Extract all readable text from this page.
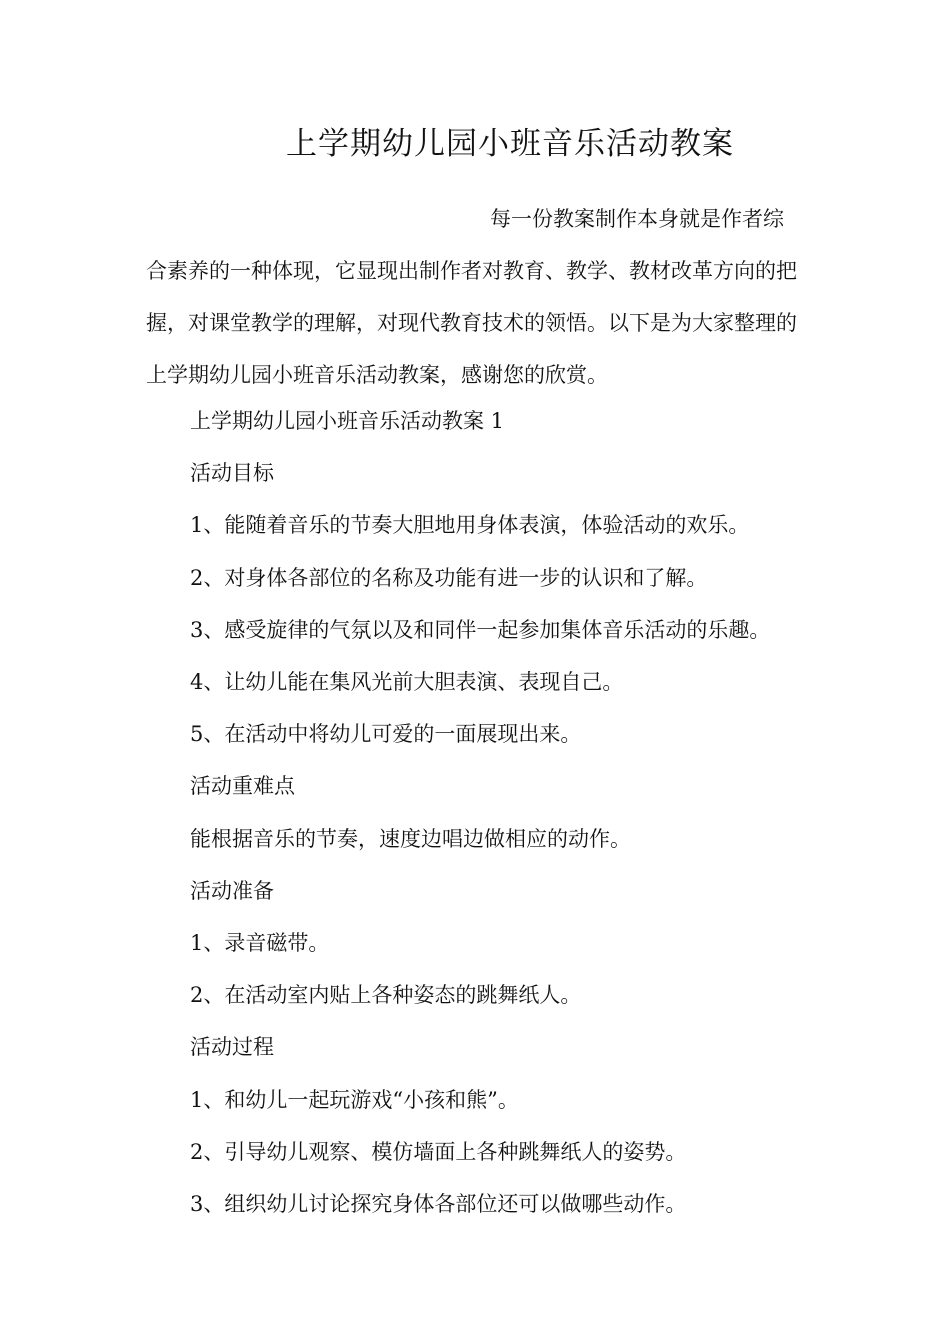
上学期幼儿园小班音乐活动教案
每一份教案制作本身就是作者综
合素养的一种体现，它显现出制作者对教育、教学、教材改革方向的把握，对课堂教学的理解，对现代教育技术的领悟。以下是为大家整理的上学期幼儿园小班音乐活动教案，感谢您的欣赏。
上学期幼儿园小班音乐活动教案 1
活动目标
1、能随着音乐的节奏大胆地用身体表演，体验活动的欢乐。
2、对身体各部位的名称及功能有进一步的认识和了解。
3、感受旋律的气氛以及和同伴一起参加集体音乐活动的乐趣。
4、让幼儿能在集风光前大胆表演、表现自己。
5、在活动中将幼儿可爱的一面展现出来。
活动重难点
能根据音乐的节奏，速度边唱边做相应的动作。
活动准备
1、录音磁带。
2、在活动室内贴上各种姿态的跳舞纸人。
活动过程
1、和幼儿一起玩游戏“小孩和熊”。
2、引导幼儿观察、模仿墙面上各种跳舞纸人的姿势。
3、组织幼儿讨论探究身体各部位还可以做哪些动作。
